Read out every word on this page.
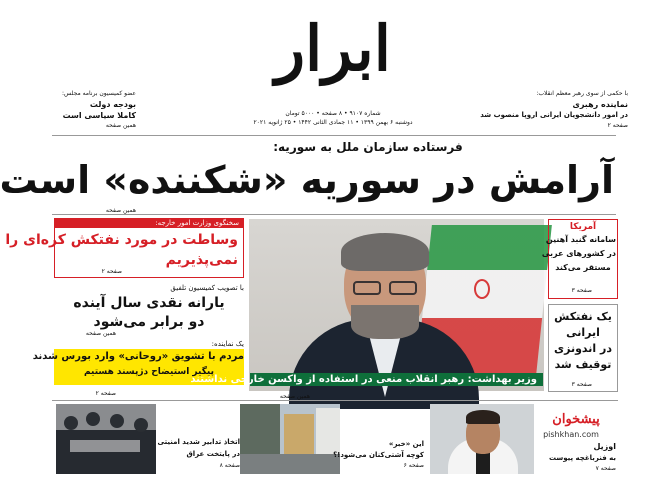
ابرار
شماره ۹۱۰۷ • ۸ صفحه • ۵۰۰۰ تومان
دوشنبه ۶ بهمن ۱۳۹۹ • ۱۱ جمادی الثانی ۱۴۴۲ • ۲۵ ژانویه ۲۰۲۱
با حکمی از سوی رهبر معظم انقلاب:
نماینده رهبری
در امور دانشجویان ایرانی اروپا منصوب شد
صفحه ۲
عضو کمیسیون برنامه مجلس:
بودجه دولت
کاملا سیاسی است
همین صفحه
فرستاده سازمان ملل به سوریه:
آرامش در سوریه «شکننده» است
همین صفحه
سخنگوی وزارت امور خارجه:
وساطت در مورد نفتکش کره‌ای را
نمی‌پذیریم
صفحه ۲
با تصویب کمیسیون تلفیق
یارانه نقدی سال آینده
دو برابر می‌شود
همین صفحه
یک نماینده:
مردم با تشویق «روحانی» وارد بورس شدند
پیگیر استیضاح دژپسند هستیم
صفحه ۲
وزیر بهداشت: رهبر انقلاب منعی در استفاده از واکسن خارجی نداشتند
همین صفحه
آمریکا
سامانه گنبد آهنین
در کشورهای عربی
مستقر می‌کند
صفحه ۳
یک نفتکش
ایرانی
در اندونزی
توقیف شد
صفحه ۳
اتخاذ تدابیر شدید امنیتی
در پایتخت عراق
صفحه ۸
این «خبر»
کوچه آشتی‌کنان می‌شود!؟
صفحه ۶
پیشخوان
pishkhan.com
اوزیل
به فنرباغچه پیوست
صفحه ۷
